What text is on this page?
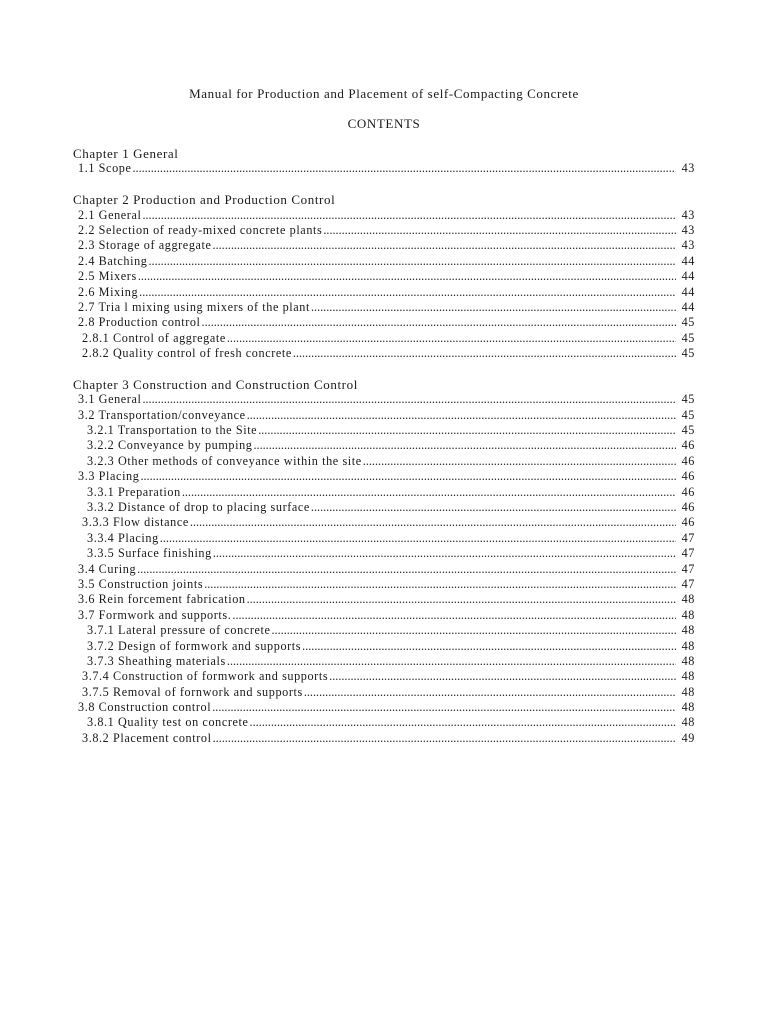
Manual for Production and Placement of self-Compacting Concrete
CONTENTS
Chapter 1 General
1.1 Scope .....	43
Chapter 2 Production and Production Control
2.1 General .....	43
2.2 Selection of ready-mixed concrete plants .....	43
2.3 Storage of aggregate .....	43
2.4 Batching .....	44
2.5 Mixers .....	44
2.6 Mixing .....	44
2.7 Tria l mixing using mixers of the plant .....	44
2.8 Production control .....	45
2.8.1 Control of aggregate .....	45
2.8.2 Quality control of fresh concrete .....	45
Chapter 3 Construction and Construction Control
3.1 General .....	45
3.2 Transportation/conveyance .....	45
3.2.1 Transportation to the Site .....	45
3.2.2 Conveyance by pumping .....	46
3.2.3 Other methods of conveyance within the site .....	46
3.3 Placing .....	46
3.3.1 Preparation .....	46
3.3.2 Distance of drop to placing surface .....	46
3.3.3 Flow distance .....	46
3.3.4 Placing .....	47
3.3.5 Surface finishing .....	47
3.4 Curing .....	47
3.5 Construction joints .....	47
3.6 Rein forcement fabrication .....	48
3.7 Formwork and supports. .....	48
3.7.1 Lateral pressure of concrete .....	48
3.7.2 Design of formwork and supports .....	48
3.7.3 Sheathing materials .....	48
3.7.4 Construction of formwork and supports .....	48
3.7.5 Removal of fornwork and supports .....	48
3.8 Construction control .....	48
3.8.1 Quality test on concrete .....	48
3.8.2 Placement control .....	49
